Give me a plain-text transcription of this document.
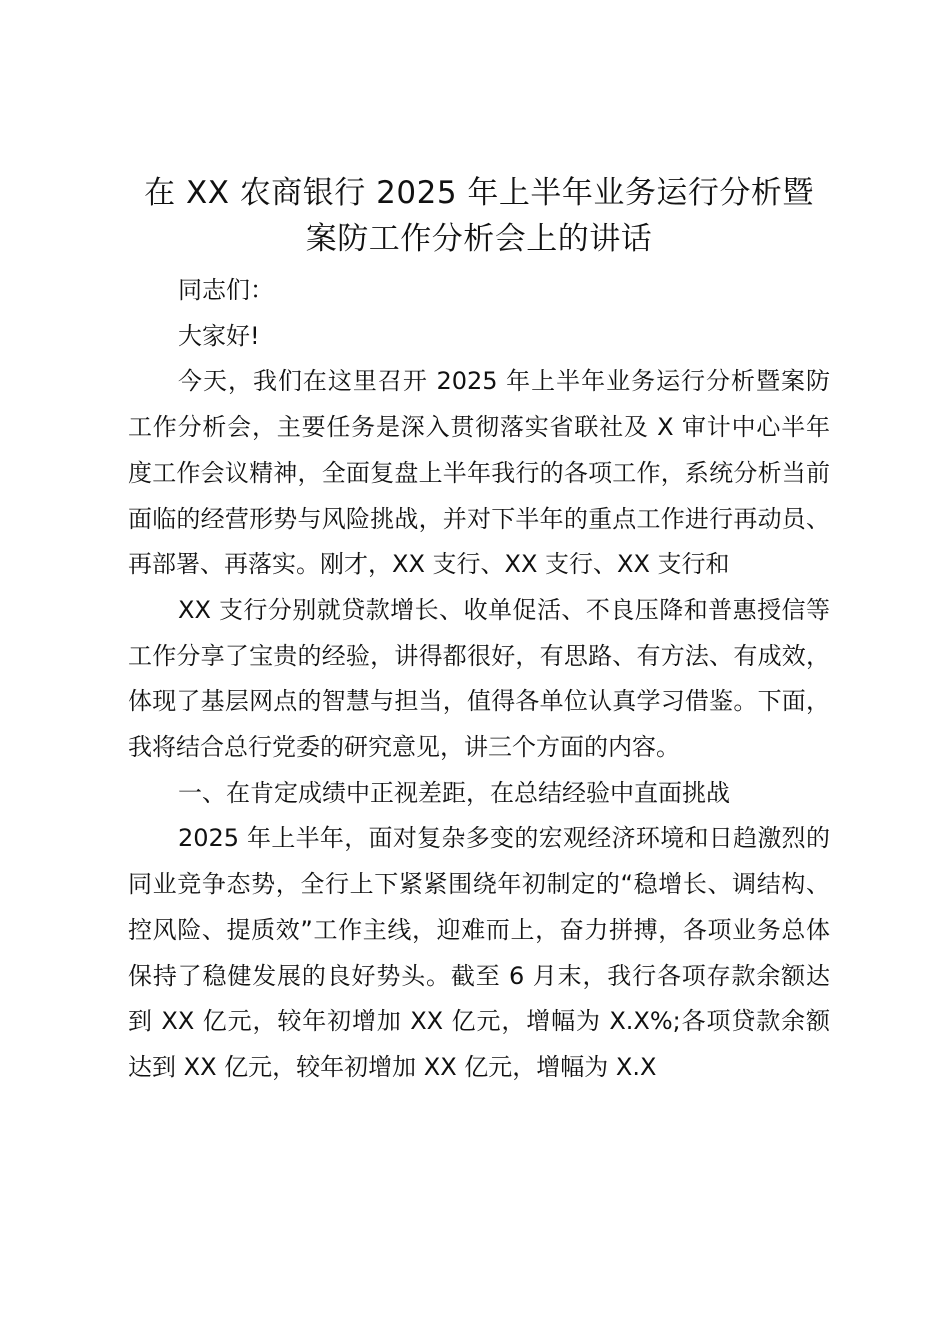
在 XX 农商银行 2025 年上半年业务运行分析暨
案防工作分析会上的讲话

同志们：

大家好!

今天，我们在这里召开 2025 年上半年业务运行分析暨案防工作分析会，主要任务是深入贯彻落实省联社及 X 审计中心半年度工作会议精神，全面复盘上半年我行的各项工作，系统分析当前面临的经营形势与风险挑战，并对下半年的重点工作进行再动员、再部署、再落实。刚才，XX 支行、XX 支行、XX 支行和

XX 支行分别就贷款增长、收单促活、不良压降和普惠授信等工作分享了宝贵的经验，讲得都很好，有思路、有方法、有成效，体现了基层网点的智慧与担当，值得各单位认真学习借鉴。下面，我将结合总行党委的研究意见，讲三个方面的内容。

一、在肯定成绩中正视差距，在总结经验中直面挑战

2025 年上半年，面对复杂多变的宏观经济环境和日趋激烈的同业竞争态势，全行上下紧紧围绕年初制定的“稳增长、调结构、控风险、提质效”工作主线，迎难而上，奋力拼搏，各项业务总体保持了稳健发展的良好势头。截至 6 月末，我行各项存款余额达到 XX 亿元，较年初增加 XX 亿元，增幅为 X.X%;各项贷款余额达到 XX 亿元，较年初增加 XX 亿元，增幅为 X.X
